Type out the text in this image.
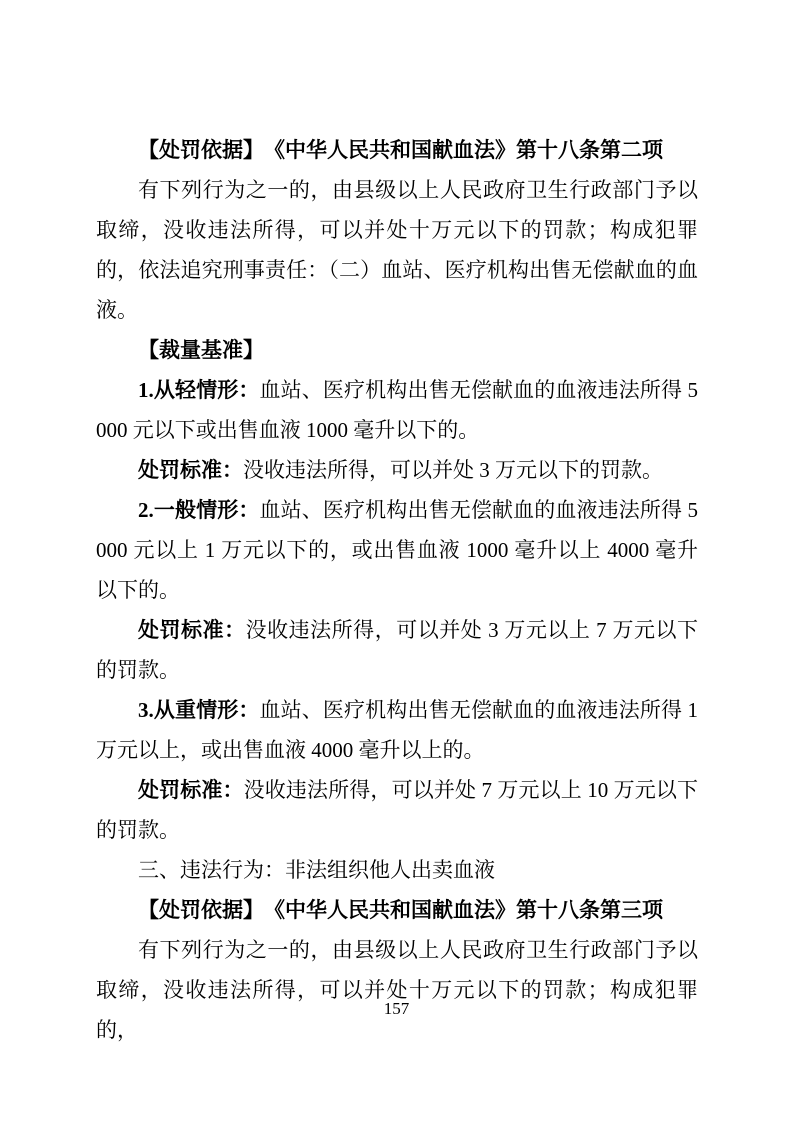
【处罚依据】　《中华人民共和国献血法》第十八条第二项

有下列行为之一的，由县级以上人民政府卫生行政部门予以取缔，没收违法所得，可以并处十万元以下的罚款；构成犯罪的，依法追究刑事责任：（二）血站、医疗机构出售无偿献血的血液。

【裁量基准】

1.从轻情形：血站、医疗机构出售无偿献血的血液违法所得 5000 元以下或出售血液 1000 毫升以下的。

处罚标准：没收违法所得，可以并处 3 万元以下的罚款。

2.一般情形：血站、医疗机构出售无偿献血的血液违法所得 5000 元以上 1 万元以下的，或出售血液 1000 毫升以上 4000 毫升以下的。

处罚标准：没收违法所得，可以并处 3 万元以上 7 万元以下的罚款。

3.从重情形：血站、医疗机构出售无偿献血的血液违法所得 1 万元以上，或出售血液 4000 毫升以上的。

处罚标准：没收违法所得，可以并处 7 万元以上 10 万元以下的罚款。

三、违法行为：非法组织他人出卖血液

【处罚依据】　《中华人民共和国献血法》第十八条第三项

有下列行为之一的，由县级以上人民政府卫生行政部门予以取缔，没收违法所得，可以并处十万元以下的罚款；构成犯罪的，

157
